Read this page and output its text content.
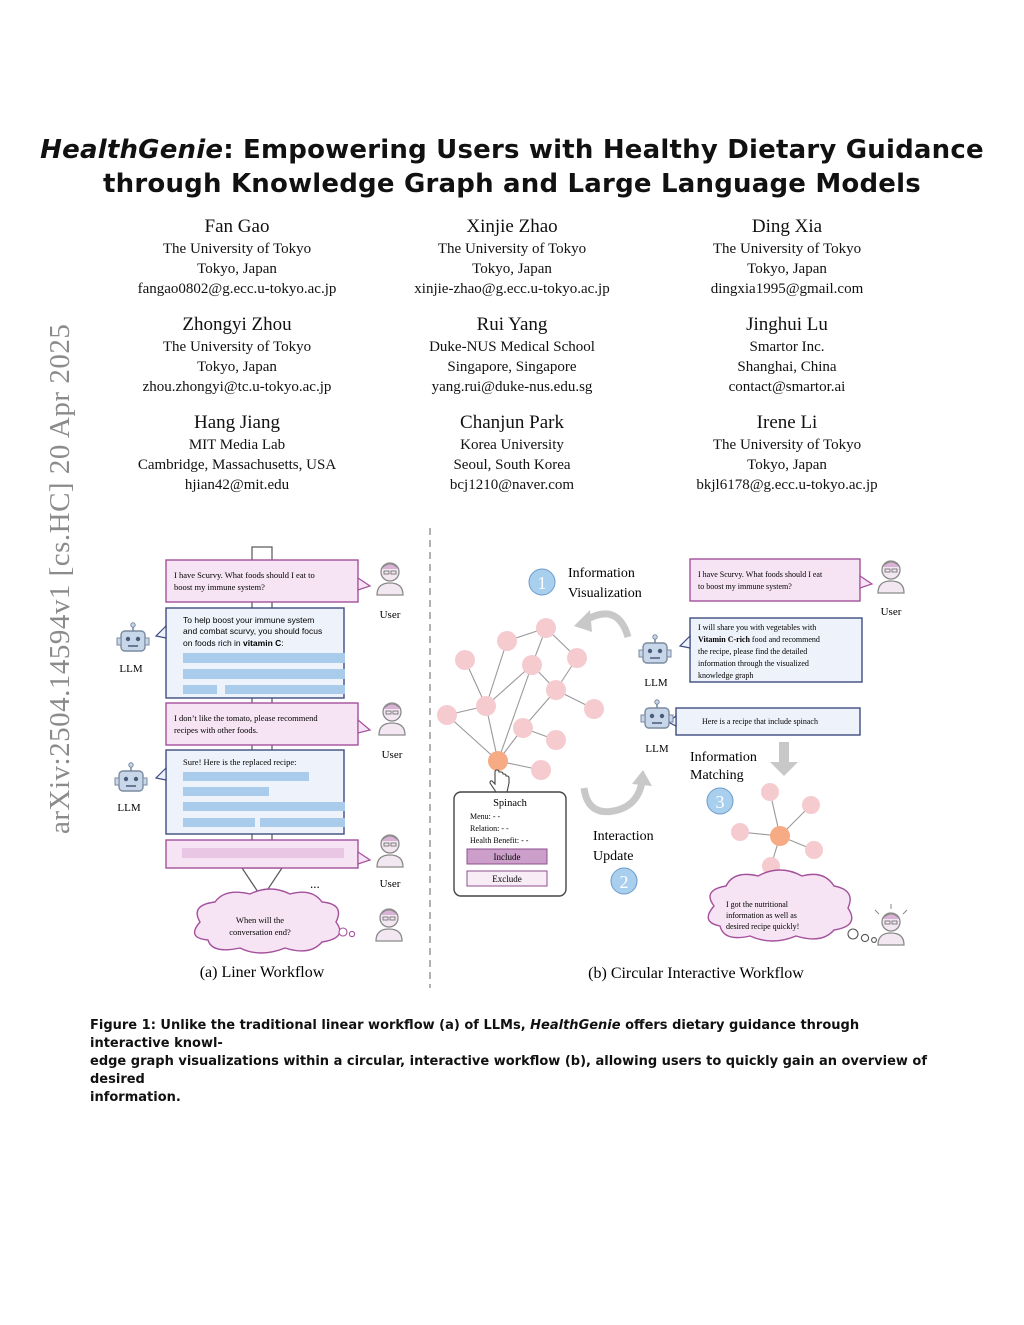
HealthGenie: Empowering Users with Healthy Dietary Guidance
through Knowledge Graph and Large Language Models
Fan Gao
The University of Tokyo
Tokyo, Japan
fangao0802@g.ecc.u-tokyo.ac.jp
Xinjie Zhao
The University of Tokyo
Tokyo, Japan
xinjie-zhao@g.ecc.u-tokyo.ac.jp
Ding Xia
The University of Tokyo
Tokyo, Japan
dingxia1995@gmail.com
Zhongyi Zhou
The University of Tokyo
Tokyo, Japan
zhou.zhongyi@tc.u-tokyo.ac.jp
Rui Yang
Duke-NUS Medical School
Singapore, Singapore
yang.rui@duke-nus.edu.sg
Jinghui Lu
Smartor Inc.
Shanghai, China
contact@smartor.ai
Hang Jiang
MIT Media Lab
Cambridge, Massachusetts, USA
hjian42@mit.edu
Chanjun Park
Korea University
Seoul, South Korea
bcj1210@naver.com
Irene Li
The University of Tokyo
Tokyo, Japan
bkjl6178@g.ecc.u-tokyo.ac.jp
arXiv:2504.14594v1 [cs.HC] 20 Apr 2025	I have Scurvy. What foods should I eat to
boost my immune system?
User
To help boost your immune system
and combat scurvy, you should focus
on foods rich in vitamin C:
LLM
I don’t like the tomato, please recommend
recipes with other foods.
User
Sure! Here is the replaced recipe:
LLM
User
...
When will the
conversation end?
(a) Liner Workflow
1 Information
Visualization
Spinach
Menu: - -
Relation: - -
Health Benefit: - -
Include
Exclude
Interaction
Update
2
I have Scurvy. What foods should I eat
to boost my immune system?
User
I will share you with vegetables with
Vitamin C-rich food and recommend
the recipe, please find the detailed
information through the visualized
knowledge graph
LLM
Here is a recipe that include spinach
LLM
Information
Matching
3
I got the nutritional
information as well as
desired recipe quickly!
(b) Circular Interactive Workflow
Figure 1: Unlike the traditional linear workflow (a) of LLMs, HealthGenie offers dietary guidance through interactive knowl-
edge graph visualizations within a circular, interactive workflow (b), allowing users to quickly gain an overview of desired
information.
